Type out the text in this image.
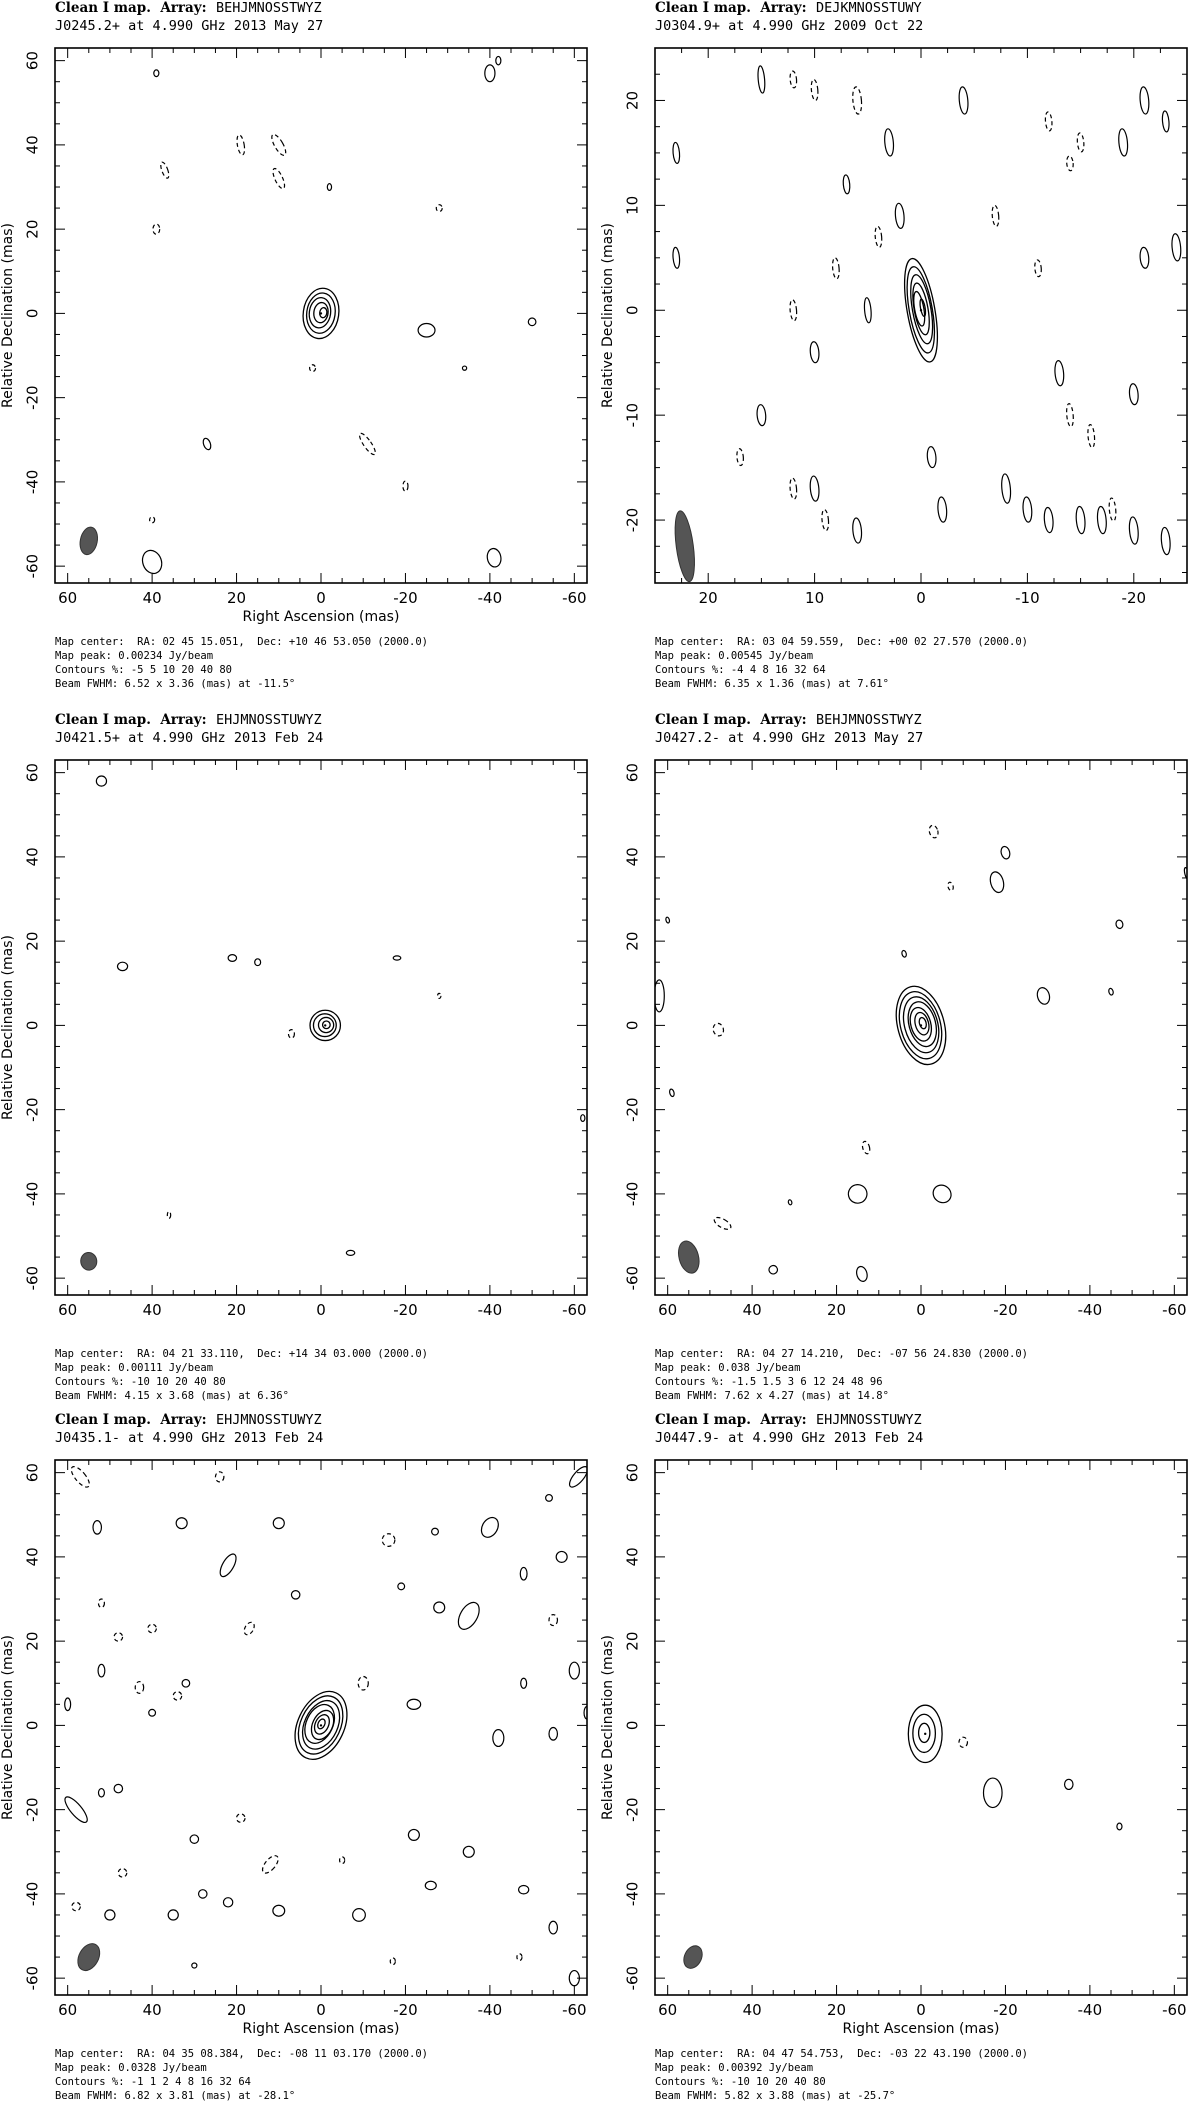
Clean I map.  Array:  BEHJMNOSSTWYZ
J0245.2+ at 4.990 GHz 2013 May 27
60	40	20	0	-20	-40	-60
-60
-40
-20
0
20
40
60
Right Ascension (mas)
Relative Declination (mas)
Map center:  RA: 02 45 15.051,  Dec: +10 46 53.050 (2000.0)
Map peak: 0.00234 Jy/beam
Contours %: -5 5 10 20 40 80
Beam FWHM: 6.52 x 3.36 (mas) at -11.5°
Clean I map.  Array:  DEJKMNOSSTUWY
J0304.9+ at 4.990 GHz 2009 Oct 22
20	10	0	-10	-20
-20
-10
0
10
20
Relative Declination (mas)
Map center:  RA: 03 04 59.559,  Dec: +00 02 27.570 (2000.0)
Map peak: 0.00545 Jy/beam
Contours %: -4 4 8 16 32 64
Beam FWHM: 6.35 x 1.36 (mas) at 7.61°
Clean I map.  Array:  EHJMNOSSTUWYZ
J0421.5+ at 4.990 GHz 2013 Feb 24
60	40	20	0	-20	-40	-60
-60
-40
-20
0
20
40
60
Relative Declination (mas)
Map center:  RA: 04 21 33.110,  Dec: +14 34 03.000 (2000.0)
Map peak: 0.00111 Jy/beam
Contours %: -10 10 20 40 80
Beam FWHM: 4.15 x 3.68 (mas) at 6.36°
Clean I map.  Array:  BEHJMNOSSTWYZ
J0427.2- at 4.990 GHz 2013 May 27
60	40	20	0	-20	-40	-60
-60
-40
-20
0
20
40
60
Map center:  RA: 04 27 14.210,  Dec: -07 56 24.830 (2000.0)
Map peak: 0.038 Jy/beam
Contours %: -1.5 1.5 3 6 12 24 48 96
Beam FWHM: 7.62 x 4.27 (mas) at 14.8°
Clean I map.  Array:  EHJMNOSSTUWYZ
J0435.1- at 4.990 GHz 2013 Feb 24
60	40	20	0	-20	-40	-60
-60
-40
-20
0
20
40
60
Right Ascension (mas)
Relative Declination (mas)
Map center:  RA: 04 35 08.384,  Dec: -08 11 03.170 (2000.0)
Map peak: 0.0328 Jy/beam
Contours %: -1 1 2 4 8 16 32 64
Beam FWHM: 6.82 x 3.81 (mas) at -28.1°
Clean I map.  Array:  EHJMNOSSTUWYZ
J0447.9- at 4.990 GHz 2013 Feb 24
60	40	20	0	-20	-40	-60
-60
-40
-20
0
20
40
60
Right Ascension (mas)
Relative Declination (mas)
Map center:  RA: 04 47 54.753,  Dec: -03 22 43.190 (2000.0)
Map peak: 0.00392 Jy/beam
Contours %: -10 10 20 40 80
Beam FWHM: 5.82 x 3.88 (mas) at -25.7°
